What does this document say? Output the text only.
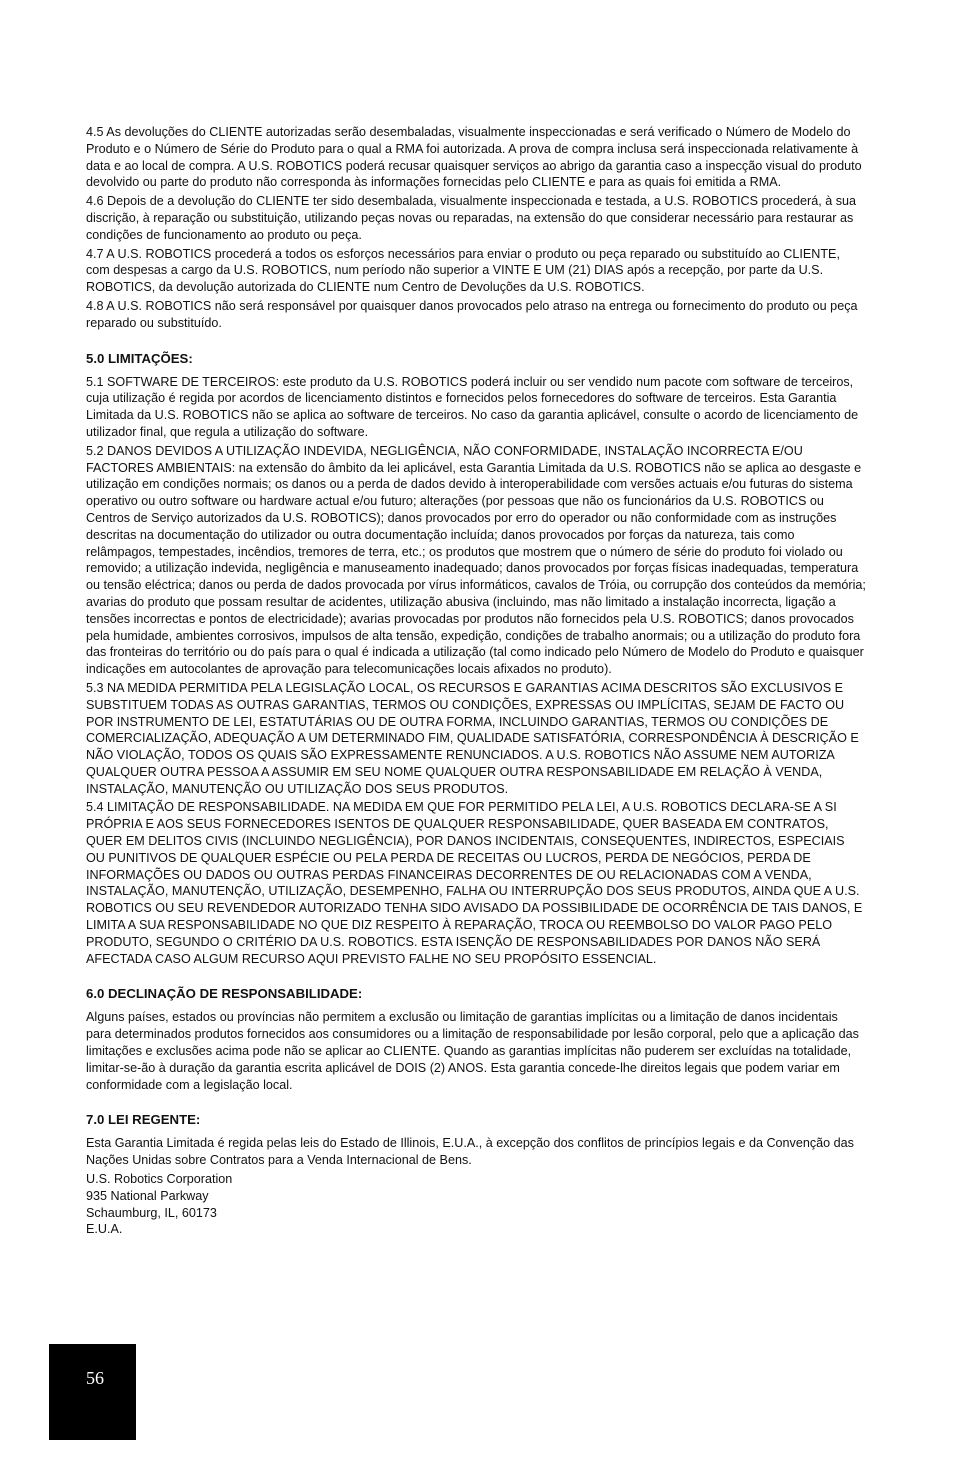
4.5 As devoluções do CLIENTE autorizadas serão desembaladas, visualmente inspeccionadas e será verificado o Número de Modelo do Produto e o Número de Série do Produto para o qual a RMA foi autorizada. A prova de compra inclusa será inspeccionada relativamente à data e ao local de compra. A U.S. ROBOTICS poderá recusar quaisquer serviços ao abrigo da garantia caso a inspecção visual do produto devolvido ou parte do produto não corresponda às informações fornecidas pelo CLIENTE e para as quais foi emitida a RMA.

4.6 Depois de a devolução do CLIENTE ter sido desembalada, visualmente inspeccionada e testada, a U.S. ROBOTICS procederá, à sua discrição, à reparação ou substituição, utilizando peças novas ou reparadas, na extensão do que considerar necessário para restaurar as condições de funcionamento ao produto ou peça.

4.7 A U.S. ROBOTICS procederá a todos os esforços necessários para enviar o produto ou peça reparado ou substituído ao CLIENTE, com despesas a cargo da U.S. ROBOTICS, num período não superior a VINTE E UM (21) DIAS após a recepção, por parte da U.S. ROBOTICS, da devolução autorizada do CLIENTE num Centro de Devoluções da U.S. ROBOTICS.

4.8 A U.S. ROBOTICS não será responsável por quaisquer danos provocados pelo atraso na entrega ou fornecimento do produto ou peça reparado ou substituído.

5.0 LIMITAÇÕES:

5.1 SOFTWARE DE TERCEIROS: este produto da U.S. ROBOTICS poderá incluir ou ser vendido num pacote com software de terceiros, cuja utilização é regida por acordos de licenciamento distintos e fornecidos pelos fornecedores do software de terceiros. Esta Garantia Limitada da U.S. ROBOTICS não se aplica ao software de terceiros. No caso da garantia aplicável, consulte o acordo de licenciamento de utilizador final, que regula a utilização do software.

5.2 DANOS DEVIDOS A UTILIZAÇÃO INDEVIDA, NEGLIGÊNCIA, NÃO CONFORMIDADE, INSTALAÇÃO INCORRECTA E/OU FACTORES AMBIENTAIS: na extensão do âmbito da lei aplicável, esta Garantia Limitada da U.S. ROBOTICS não se aplica ao desgaste e utilização em condições normais; os danos ou a perda de dados devido à interoperabilidade com versões actuais e/ou futuras do sistema operativo ou outro software ou hardware actual e/ou futuro; alterações (por pessoas que não os funcionários da U.S. ROBOTICS ou Centros de Serviço autorizados da U.S. ROBOTICS); danos provocados por erro do operador ou não conformidade com as instruções descritas na documentação do utilizador ou outra documentação incluída; danos provocados por forças da natureza, tais como relâmpagos, tempestades, incêndios, tremores de terra, etc.; os produtos que mostrem que o número de série do produto foi violado ou removido; a utilização indevida, negligência e manuseamento inadequado; danos provocados por forças físicas inadequadas, temperatura ou tensão eléctrica; danos ou perda de dados provocada por vírus informáticos, cavalos de Tróia, ou corrupção dos conteúdos da memória; avarias do produto que possam resultar de acidentes, utilização abusiva (incluindo, mas não limitado a instalação incorrecta, ligação a tensões incorrectas e pontos de electricidade); avarias provocadas por produtos não fornecidos pela U.S. ROBOTICS; danos provocados pela humidade, ambientes corrosivos, impulsos de alta tensão, expedição, condições de trabalho anormais; ou a utilização do produto fora das fronteiras do território ou do país para o qual é indicada a utilização (tal como indicado pelo Número de Modelo do Produto e quaisquer indicações em autocolantes de aprovação para telecomunicações locais afixados no produto).

5.3 NA MEDIDA PERMITIDA PELA LEGISLAÇÃO LOCAL, OS RECURSOS E GARANTIAS ACIMA DESCRITOS SÃO EXCLUSIVOS E SUBSTITUEM TODAS AS OUTRAS GARANTIAS, TERMOS OU CONDIÇÕES, EXPRESSAS OU IMPLÍCITAS, SEJAM DE FACTO OU POR INSTRUMENTO DE LEI, ESTATUTÁRIAS OU DE OUTRA FORMA, INCLUINDO GARANTIAS, TERMOS OU CONDIÇÕES DE COMERCIALIZAÇÃO, ADEQUAÇÃO A UM DETERMINADO FIM, QUALIDADE SATISFATÓRIA, CORRESPONDÊNCIA À DESCRIÇÃO E NÃO VIOLAÇÃO, TODOS OS QUAIS SÃO EXPRESSAMENTE RENUNCIADOS. A U.S. ROBOTICS NÃO ASSUME NEM AUTORIZA QUALQUER OUTRA PESSOA A ASSUMIR EM SEU NOME QUALQUER OUTRA RESPONSABILIDADE EM RELAÇÃO À VENDA, INSTALAÇÃO, MANUTENÇÃO OU UTILIZAÇÃO DOS SEUS PRODUTOS.

5.4 LIMITAÇÃO DE RESPONSABILIDADE. NA MEDIDA EM QUE FOR PERMITIDO PELA LEI, A U.S. ROBOTICS DECLARA-SE A SI PRÓPRIA E AOS SEUS FORNECEDORES ISENTOS DE QUALQUER RESPONSABILIDADE, QUER BASEADA EM CONTRATOS, QUER EM DELITOS CIVIS (INCLUINDO NEGLIGÊNCIA), POR DANOS INCIDENTAIS, CONSEQUENTES, INDIRECTOS, ESPECIAIS OU PUNITIVOS DE QUALQUER ESPÉCIE OU PELA PERDA DE RECEITAS OU LUCROS, PERDA DE NEGÓCIOS, PERDA DE INFORMAÇÕES OU DADOS OU OUTRAS PERDAS FINANCEIRAS DECORRENTES DE OU RELACIONADAS COM A VENDA, INSTALAÇÃO, MANUTENÇÃO, UTILIZAÇÃO, DESEMPENHO, FALHA OU INTERRUPÇÃO DOS SEUS PRODUTOS, AINDA QUE A U.S. ROBOTICS OU SEU REVENDEDOR AUTORIZADO TENHA SIDO AVISADO DA POSSIBILIDADE DE OCORRÊNCIA DE TAIS DANOS, E LIMITA A SUA RESPONSABILIDADE NO QUE DIZ RESPEITO À REPARAÇÃO, TROCA OU REEMBOLSO DO VALOR PAGO PELO PRODUTO, SEGUNDO O CRITÉRIO DA U.S. ROBOTICS. ESTA ISENÇÃO DE RESPONSABILIDADES POR DANOS NÃO SERÁ AFECTADA CASO ALGUM RECURSO AQUI PREVISTO FALHE NO SEU PROPÓSITO ESSENCIAL.

6.0 DECLINAÇÃO DE RESPONSABILIDADE:

Alguns países, estados ou províncias não permitem a exclusão ou limitação de garantias implícitas ou a limitação de danos incidentais para determinados produtos fornecidos aos consumidores ou a limitação de responsabilidade por lesão corporal, pelo que a aplicação das limitações e exclusões acima pode não se aplicar ao CLIENTE. Quando as garantias implícitas não puderem ser excluídas na totalidade, limitar-se-ão à duração da garantia escrita aplicável de DOIS (2) ANOS. Esta garantia concede-lhe direitos legais que podem variar em conformidade com a legislação local.

7.0 LEI REGENTE:

Esta Garantia Limitada é regida pelas leis do Estado de Illinois, E.U.A., à excepção dos conflitos de princípios legais e da Convenção das Nações Unidas sobre Contratos para a Venda Internacional de Bens.

U.S. Robotics Corporation

935 National Parkway

Schaumburg, IL, 60173

E.U.A.

56
